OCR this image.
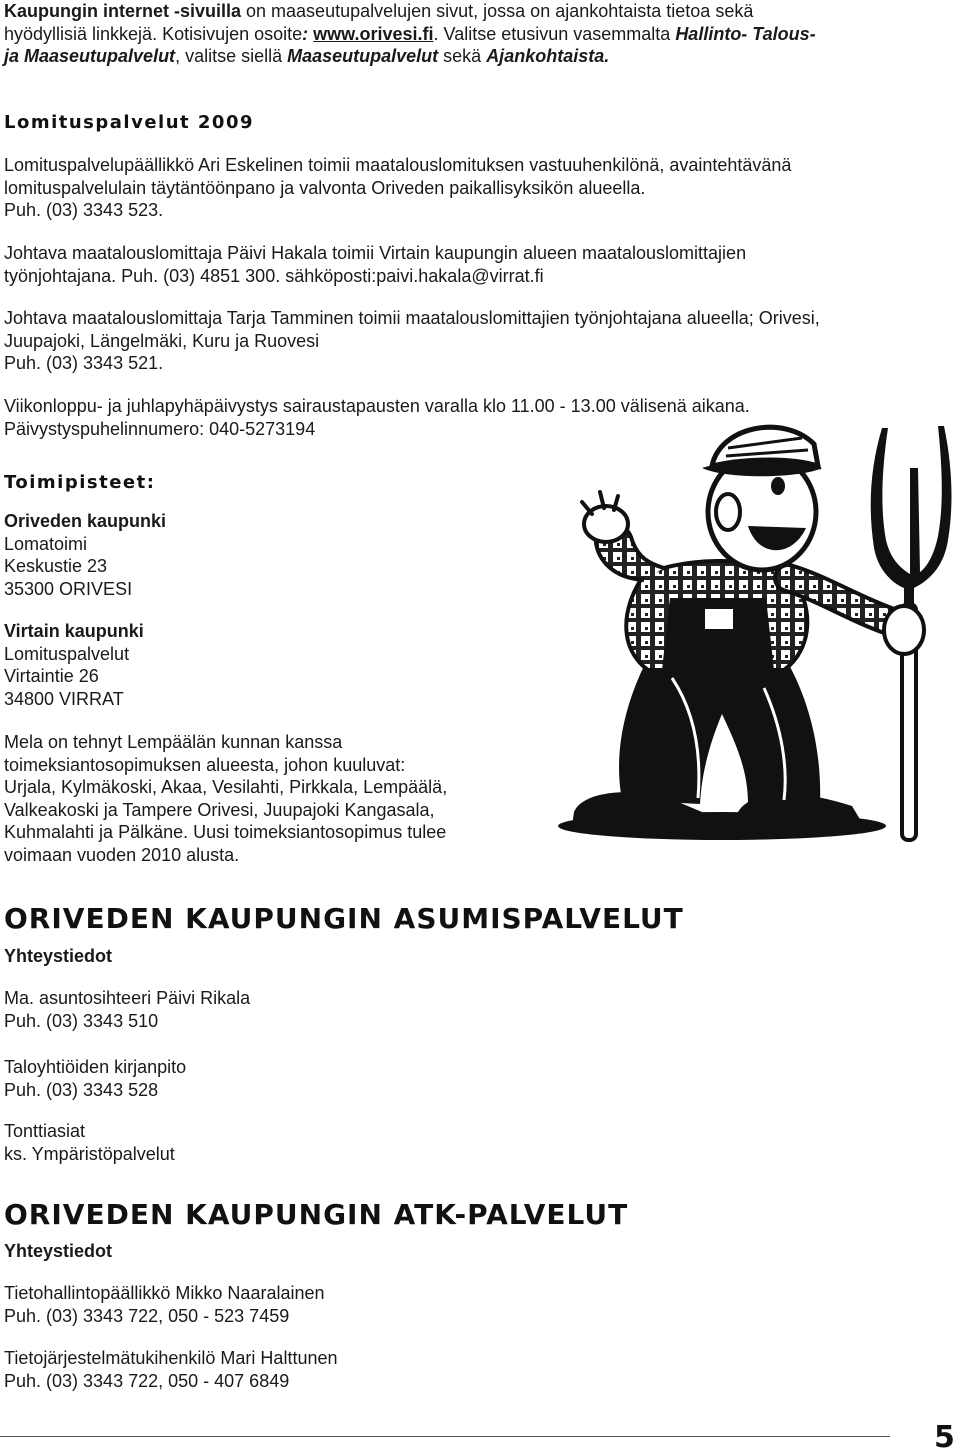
Kaupungin internet -sivuilla on maaseutupalvelujen sivut, jossa on ajankohtaista tietoa sekä
hyödyllisiä linkkejä. Kotisivujen osoite: www.orivesi.fi. Valitse etusivun vasemmalta Hallinto- Talous-
ja Maaseutupalvelut, valitse siellä Maaseutupalvelut sekä Ajankohtaista.
Lomituspalvelut 2009
Lomituspalvelupäällikkö Ari Eskelinen toimii maatalouslomituksen vastuuhenkilönä, avaintehtävänä
lomituspalvelulain täytäntöönpano ja valvonta Oriveden paikallisyksikön alueella.
Puh. (03) 3343 523.
Johtava maatalouslomittaja Päivi Hakala toimii Virtain kaupungin alueen maatalouslomittajien
työnjohtajana. Puh. (03) 4851 300. sähköposti:paivi.hakala@virrat.fi
Johtava maatalouslomittaja Tarja Tamminen toimii maatalouslomittajien työnjohtajana alueella; Orivesi,
Juupajoki, Längelmäki, Kuru ja Ruovesi
Puh. (03) 3343 521.
Viikonloppu- ja juhlapyhäpäivystys sairaustapausten varalla klo 11.00 - 13.00 välisenä aikana.
Päivystyspuhelinnumero: 040-5273194
Toimipisteet:
Oriveden kaupunki
Lomatoimi
Keskustie 23
35300 ORIVESI
Virtain kaupunki
Lomituspalvelut
Virtaintie 26
34800 VIRRAT
Mela on tehnyt Lempäälän kunnan kanssa
toimeksiantosopimuksen alueesta, johon kuuluvat:
Urjala, Kylmäkoski, Akaa, Vesilahti, Pirkkala, Lempäälä,
Valkeakoski ja Tampere Orivesi, Juupajoki Kangasala,
Kuhmalahti ja Pälkäne. Uusi toimeksiantosopimus tulee
voimaan vuoden 2010 alusta.
ORIVEDEN KAUPUNGIN ASUMISPALVELUT
Yhteystiedot
Ma. asuntosihteeri Päivi Rikala
Puh. (03) 3343 510
Taloyhtiöiden kirjanpito
Puh. (03) 3343 528
Tonttiasiat
ks. Ympäristöpalvelut
ORIVEDEN KAUPUNGIN ATK-PALVELUT
Yhteystiedot
Tietohallintopäällikkö Mikko Naaralainen
Puh. (03) 3343 722, 050 - 523 7459
Tietojärjestelmätukihenkilö Mari Halttunen
Puh. (03) 3343 722, 050 - 407 6849
5
